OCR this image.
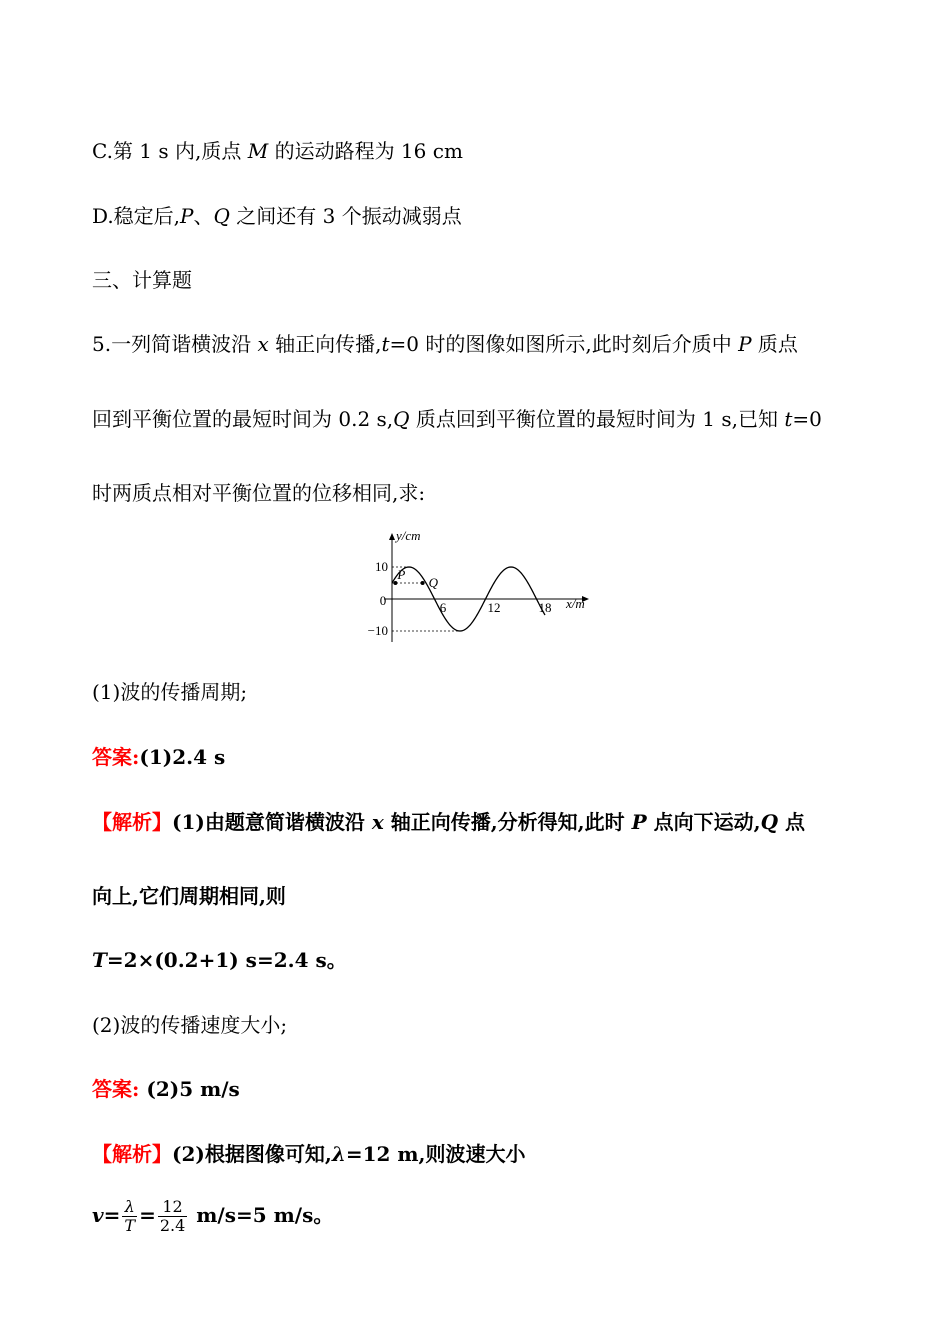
C.第 1 s 内,质点 M 的运动路程为 16 cm
D.稳定后,P、Q 之间还有 3 个振动减弱点
三、计算题
5.一列简谐横波沿 x 轴正向传播,t=0 时的图像如图所示,此时刻后介质中 P 质点
回到平衡位置的最短时间为 0.2 s,Q 质点回到平衡位置的最短时间为 1 s,已知 t=0
时两质点相对平衡位置的位移相同,求:
10
−10
6	12	18
P
Q
y/cm
x/m
0
(1)波的传播周期;
答案:(1)2.4 s
【解析】(1)由题意简谐横波沿 x 轴正向传播,分析得知,此时 P 点向下运动,Q 点
向上,它们周期相同,则
T=2×(0.2+1) s=2.4 s。
(2)波的传播速度大小;
答案: (2)5 m/s
【解析】(2)根据图像可知,λ=12 m,则波速大小
$v= \frac{\lambda}{T} = \frac{12}{2.4} m/s=5$ m/s。
